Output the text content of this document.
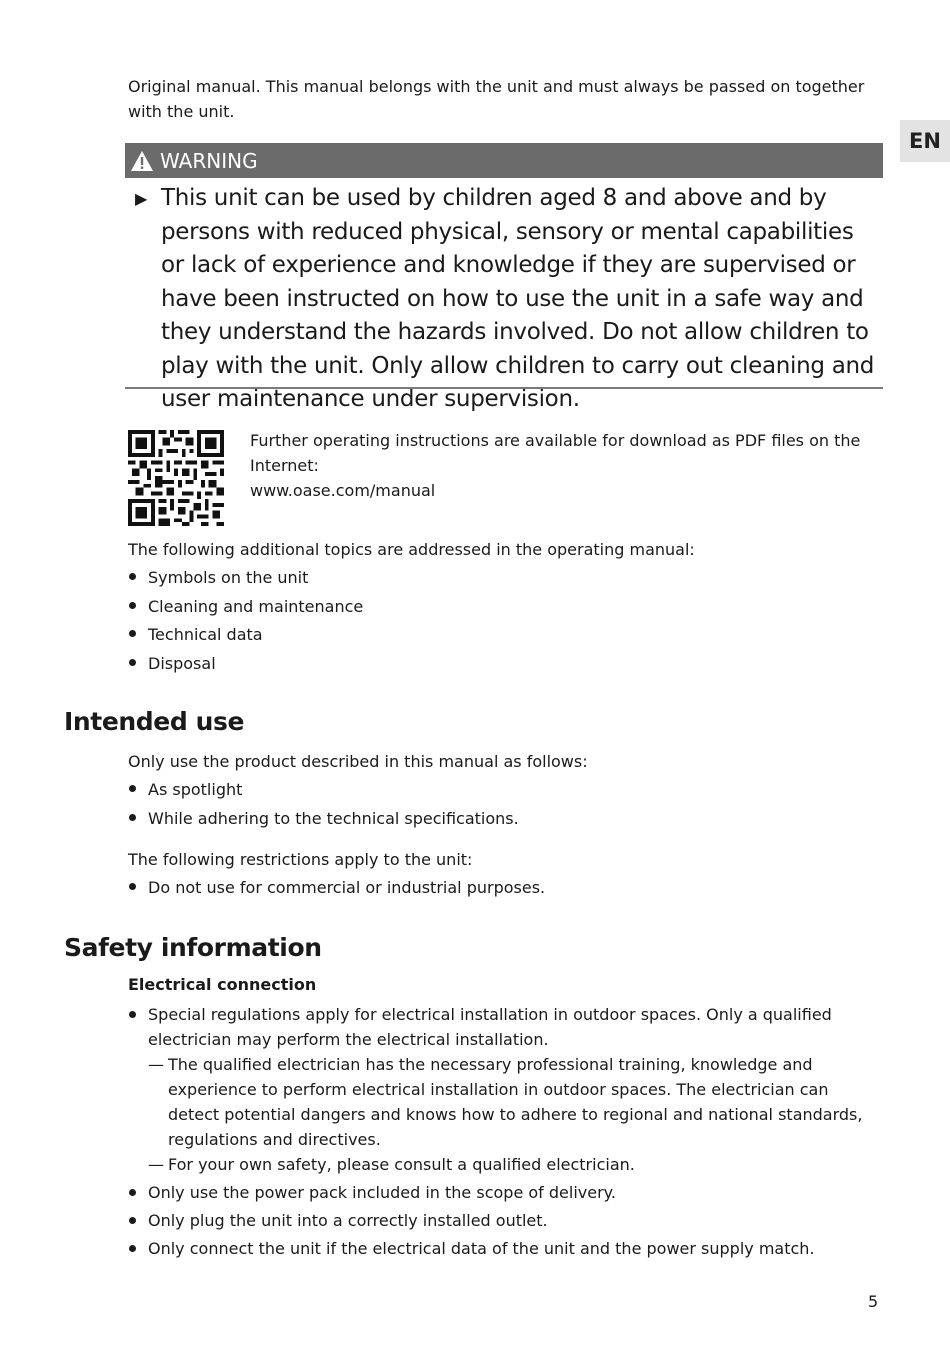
EN

Original manual. This manual belongs with the unit and must always be passed on together with the unit.

WARNING
▶ This unit can be used by children aged 8 and above and by persons with reduced physical, sensory or mental capabilities or lack of experience and knowledge if they are supervised or have been instructed on how to use the unit in a safe way and they understand the hazards involved. Do not allow children to play with the unit. Only allow children to carry out cleaning and user maintenance under supervision.

Further operating instructions are available for download as PDF files on the Internet:

www.oase.com/manual

The following additional topics are addressed in the operating manual:

Symbols on the unit
Cleaning and maintenance
Technical data
Disposal
Intended use

Only use the product described in this manual as follows:

As spotlight
While adhering to the technical specifications.

The following restrictions apply to the unit:

Do not use for commercial or industrial purposes.
Safety information
Electrical connection
Special regulations apply for electrical installation in outdoor spaces. Only a qualified electrician may perform the electrical installation.
— The qualified electrician has the necessary professional training, knowledge and experience to perform electrical installation in outdoor spaces. The electrician can detect potential dangers and knows how to adhere to regional and national standards, regulations and directives.
— For your own safety, please consult a qualified electrician.
Only use the power pack included in the scope of delivery.
Only plug the unit into a correctly installed outlet.
Only connect the unit if the electrical data of the unit and the power supply match.
5
